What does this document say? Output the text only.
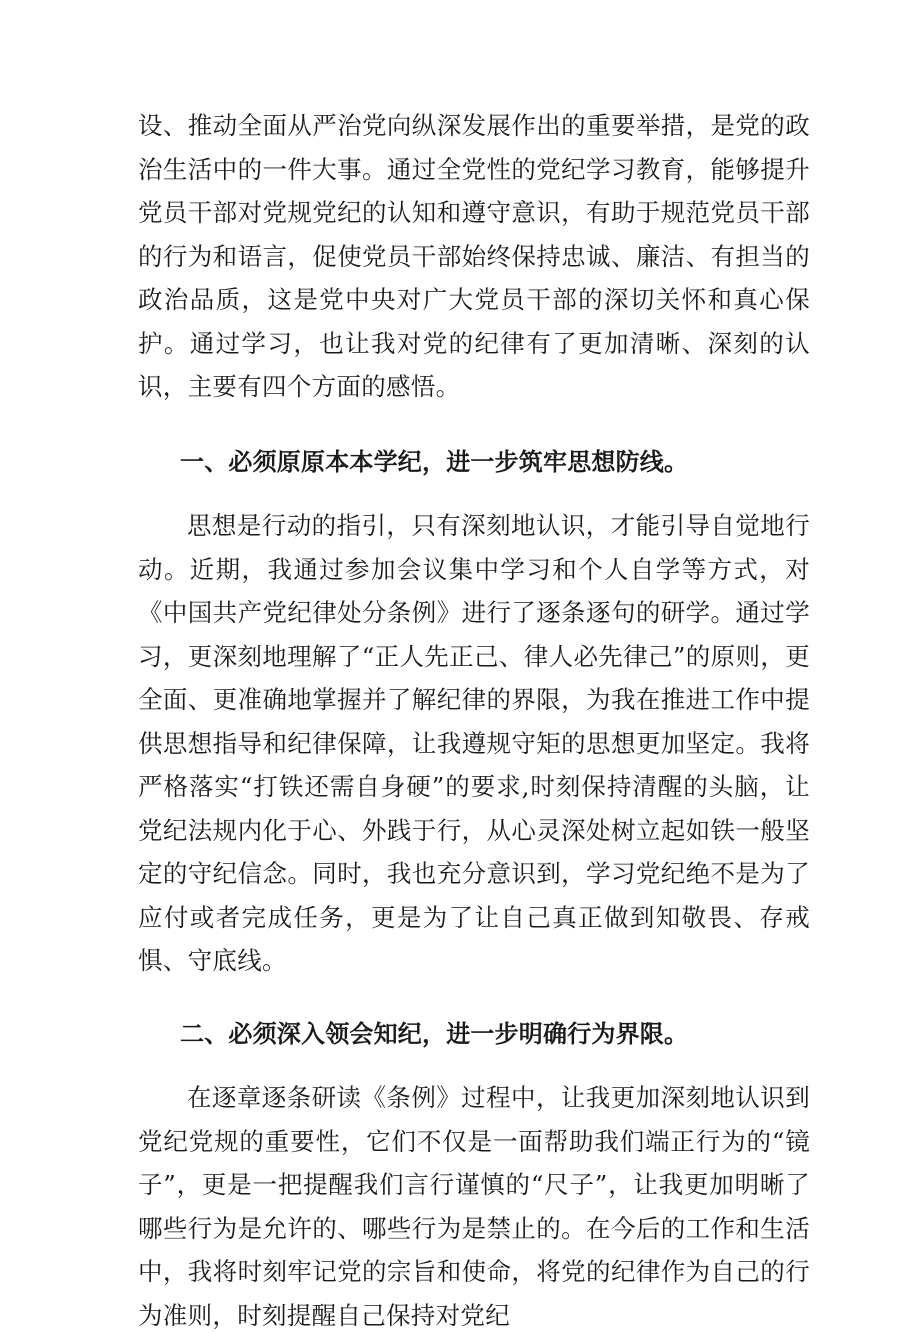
设、推动全面从严治党向纵深发展作出的重要举措，是党的政治生活中的一件大事。通过全党性的党纪学习教育，能够提升党员干部对党规党纪的认知和遵守意识，有助于规范党员干部的行为和语言，促使党员干部始终保持忠诚、廉洁、有担当的政治品质，这是党中央对广大党员干部的深切关怀和真心保护。通过学习，也让我对党的纪律有了更加清晰、深刻的认识，主要有四个方面的感悟。

一、必须原原本本学纪，进一步筑牢思想防线。

思想是行动的指引，只有深刻地认识，才能引导自觉地行动。近期，我通过参加会议集中学习和个人自学等方式，对《中国共产党纪律处分条例》进行了逐条逐句的研学。通过学习，更深刻地理解了“正人先正己、律人必先律己”的原则，更全面、更准确地掌握并了解纪律的界限，为我在推进工作中提供思想指导和纪律保障，让我遵规守矩的思想更加坚定。我将严格落实“打铁还需自身硬”的要求,时刻保持清醒的头脑，让党纪法规内化于心、外践于行，从心灵深处树立起如铁一般坚定的守纪信念。同时，我也充分意识到，学习党纪绝不是为了应付或者完成任务，更是为了让自己真正做到知敬畏、存戒惧、守底线。

二、必须深入领会知纪，进一步明确行为界限。

在逐章逐条研读《条例》过程中，让我更加深刻地认识到党纪党规的重要性，它们不仅是一面帮助我们端正行为的“镜子”，更是一把提醒我们言行谨慎的“尺子”，让我更加明晰了哪些行为是允许的、哪些行为是禁止的。在今后的工作和生活中，我将时刻牢记党的宗旨和使命，将党的纪律作为自己的行为准则，时刻提醒自己保持对党纪
